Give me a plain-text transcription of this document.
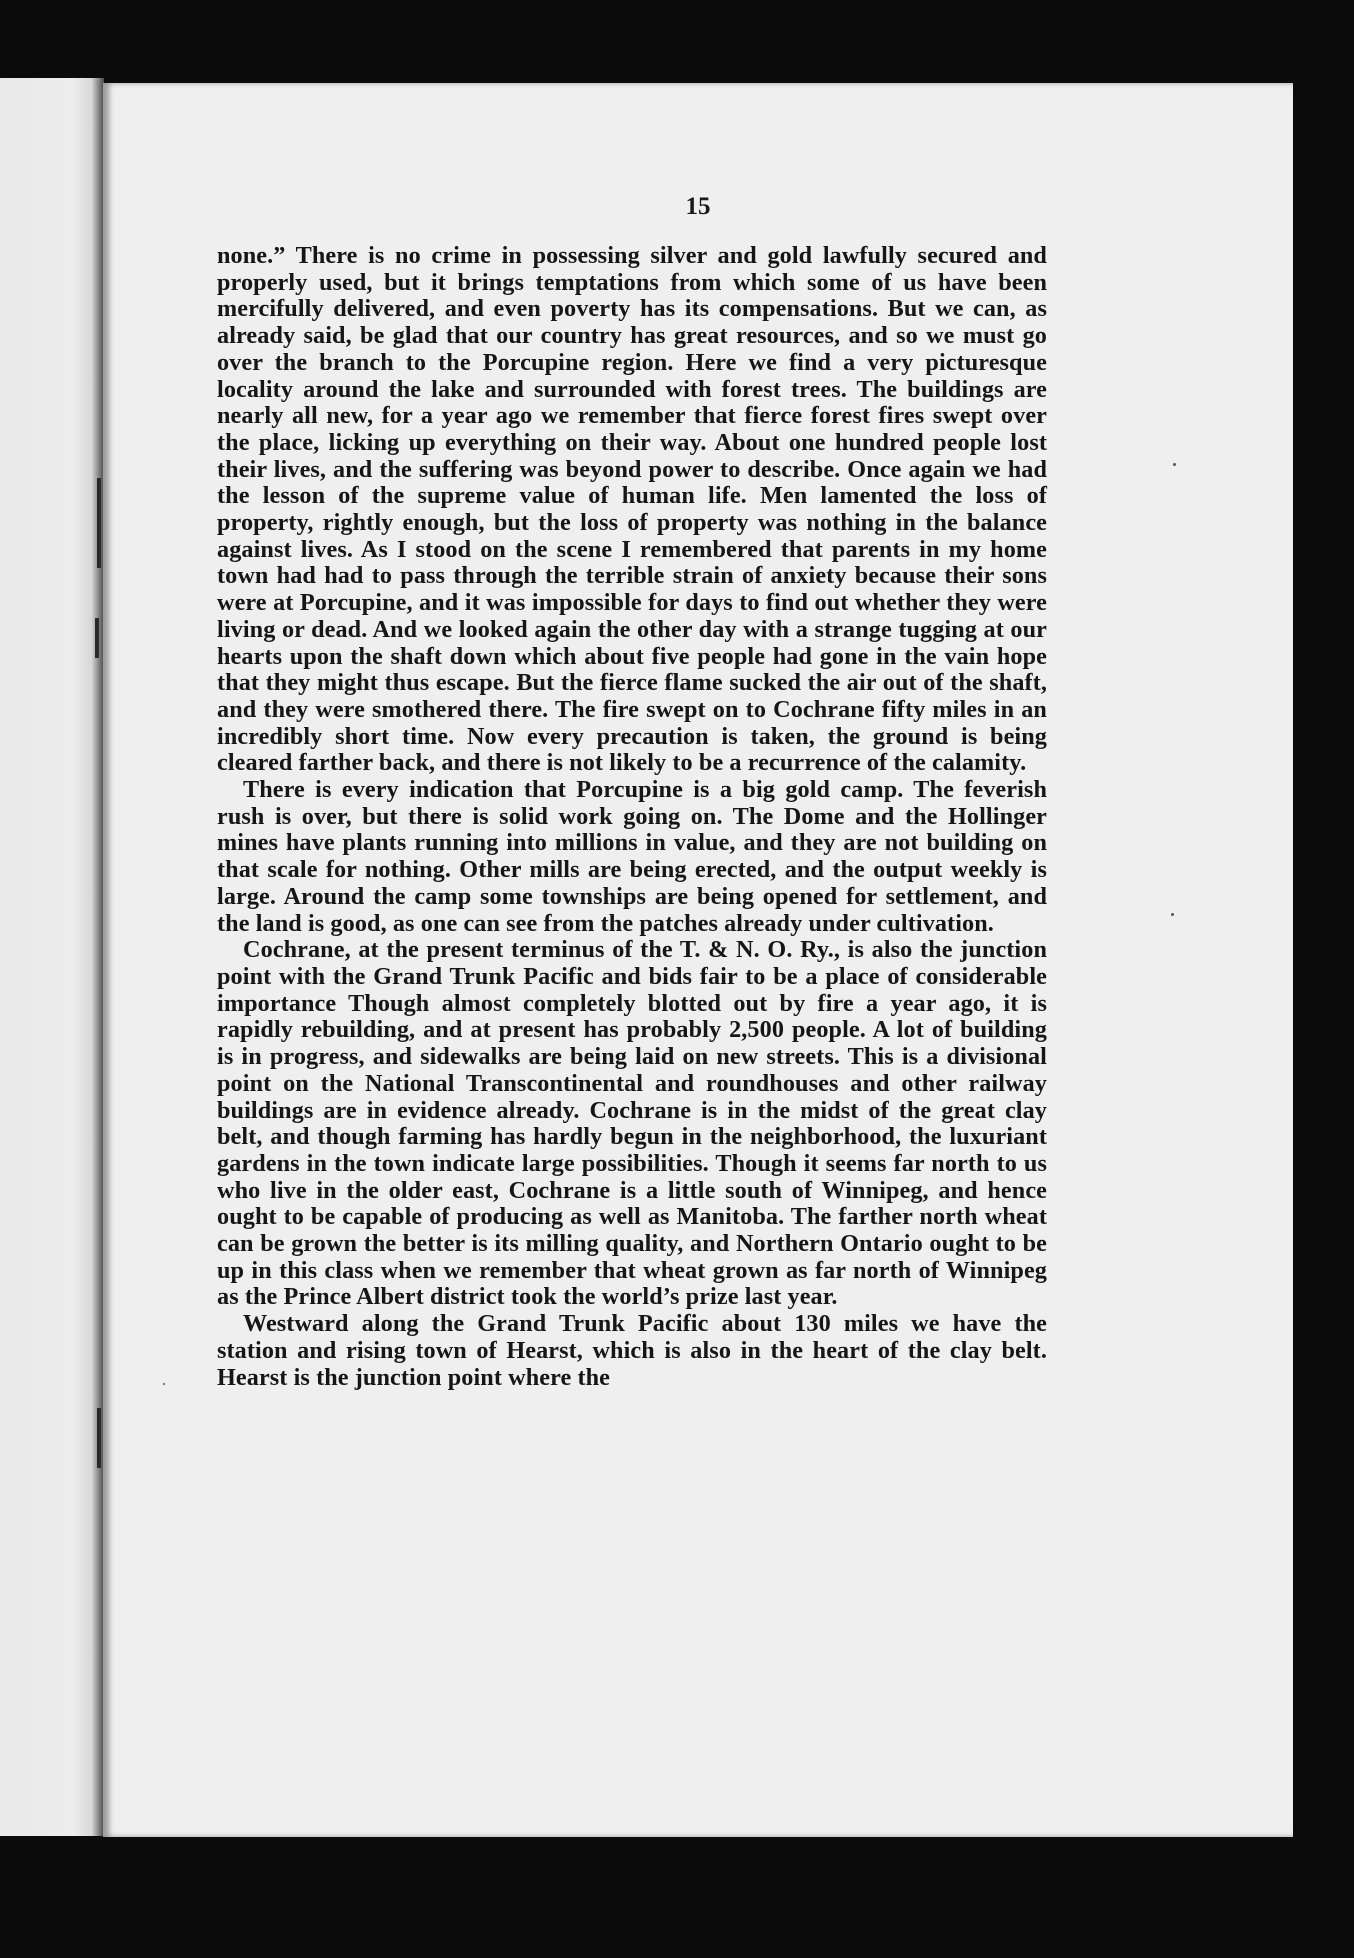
15

none.” There is no crime in possessing silver and gold lawfully secured and properly used, but it brings temptations from which some of us have been mercifully delivered, and even poverty has its compensations. But we can, as already said, be glad that our country has great resources, and so we must go over the branch to the Porcupine region. Here we find a very picturesque locality around the lake and surrounded with forest trees. The buildings are nearly all new, for a year ago we remember that fierce forest fires swept over the place, licking up everything on their way. About one hundred people lost their lives, and the suffering was beyond power to describe. Once again we had the lesson of the supreme value of human life. Men lamented the loss of property, rightly enough, but the loss of property was nothing in the balance against lives. As I stood on the scene I remembered that parents in my home town had had to pass through the terrible strain of anxiety because their sons were at Porcupine, and it was impossible for days to find out whether they were living or dead. And we looked again the other day with a strange tugging at our hearts upon the shaft down which about five people had gone in the vain hope that they might thus escape. But the fierce flame sucked the air out of the shaft, and they were smothered there. The fire swept on to Cochrane fifty miles in an incredibly short time. Now every precaution is taken, the ground is being cleared farther back, and there is not likely to be a recurrence of the calamity.

There is every indication that Porcupine is a big gold camp. The feverish rush is over, but there is solid work going on. The Dome and the Hollinger mines have plants running into millions in value, and they are not building on that scale for nothing. Other mills are being erected, and the output weekly is large. Around the camp some townships are being opened for settlement, and the land is good, as one can see from the patches already under cultivation.

Cochrane, at the present terminus of the T. & N. O. Ry., is also the junction point with the Grand Trunk Pacific and bids fair to be a place of considerable importance Though almost completely blotted out by fire a year ago, it is rapidly rebuilding, and at present has probably 2,500 people. A lot of building is in progress, and sidewalks are being laid on new streets. This is a divisional point on the National Transcontinental and roundhouses and other railway buildings are in evidence already. Cochrane is in the midst of the great clay belt, and though farming has hardly begun in the neighborhood, the luxuriant gardens in the town indicate large possibilities. Though it seems far north to us who live in the older east, Cochrane is a little south of Winnipeg, and hence ought to be capable of producing as well as Manitoba. The farther north wheat can be grown the better is its milling quality, and Northern Ontario ought to be up in this class when we remember that wheat grown as far north of Winnipeg as the Prince Albert district took the world’s prize last year.

Westward along the Grand Trunk Pacific about 130 miles we have the station and rising town of Hearst, which is also in the heart of the clay belt. Hearst is the junction point where the
